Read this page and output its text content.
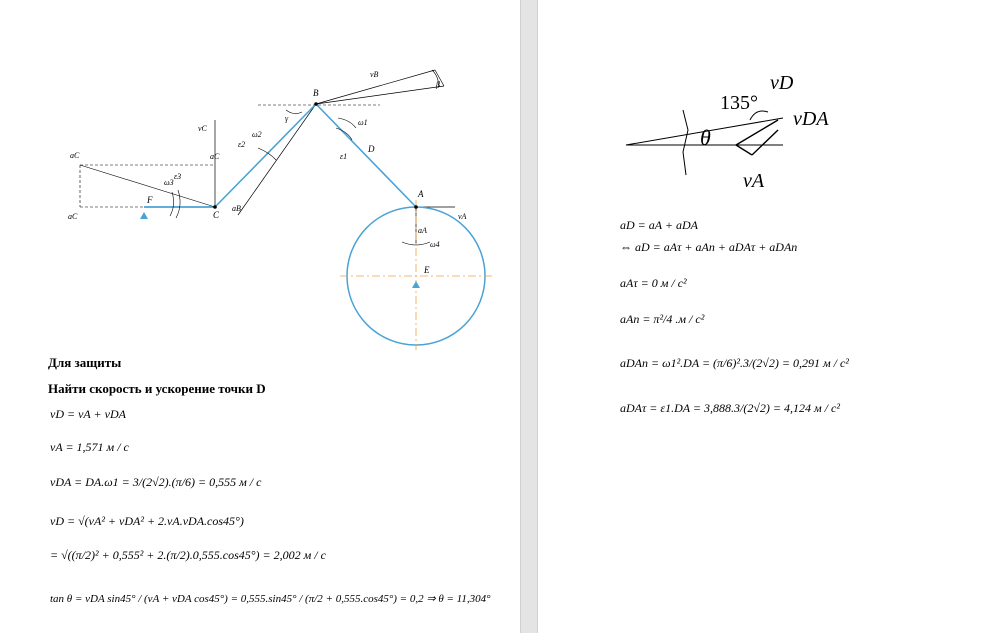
B
A
C
E
F
D
vB
vC
vA
aC	aC
aC
aA
aB
ω1
ω2
ω3
ω4
ε1
ε2
ε3
β
γ
Для защиты
Найти скорость и ускорение точки D
vD = vA + vDA
vA = 1,571 м / c
vDA = DA.ω1 = 3/(2√2).(π/6) = 0,555 м / c
vD = √(vA² + vDA² + 2.vA.vDA.cos45°)
= √((π/2)² + 0,555² + 2.(π/2).0,555.cos45°) = 2,002 м / c
tan θ = vDA sin45° / (vA + vDA cos45°) = 0,555.sin45° / (π/2 + 0,555.cos45°) = 0,2 ⇒ θ = 11,304°
θ
135°
vD
vDA
vA
aD = aA + aDA
⇔ aD = aAτ + aAn + aDAτ + aDAn
aAτ = 0 м / c²
aAn = π²/4 .м / c²
aDAn = ω1².DA = (π/6)².3/(2√2) = 0,291 м / c²
aDAτ = ε1.DA = 3,888.3/(2√2) = 4,124 м / c²
